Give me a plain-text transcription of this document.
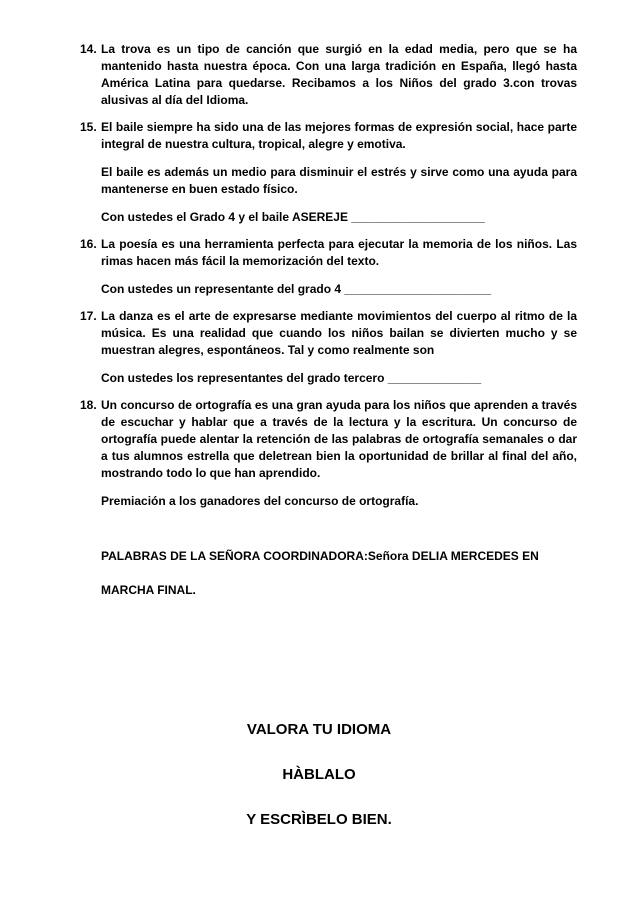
14. La trova es un tipo de canción que surgió en la edad media, pero que se ha mantenido hasta nuestra época. Con una larga tradición en España, llegó hasta América Latina para quedarse. Recibamos a los Niños del grado 3.con trovas alusivas al día del Idioma.

15. El baile siempre ha sido una de las mejores formas de expresión social, hace parte integral de nuestra cultura, tropical, alegre y emotiva.

El baile es además un medio para disminuir el estrés y sirve como una ayuda para mantenerse en buen estado físico.

Con ustedes el Grado 4 y el baile ASEREJE ____________________

16. La poesía es una herramienta perfecta para ejecutar la memoria de los niños. Las rimas hacen más fácil la memorización del texto.

Con ustedes un representante del grado 4 ______________________

17. La danza es el arte de expresarse mediante movimientos del cuerpo al ritmo de la música. Es una realidad que cuando los niños bailan se divierten mucho y se muestran alegres, espontáneos. Tal y como realmente son

Con ustedes los representantes del grado tercero ______________

18. Un concurso de ortografía es una gran ayuda para los niños que aprenden a través de escuchar y hablar que a través de la lectura y la escritura. Un concurso de ortografía puede alentar la retención de las palabras de ortografía semanales o dar a tus alumnos estrella que deletrean bien la oportunidad de brillar al final del año, mostrando todo lo que han aprendido.

Premiación a los ganadores del concurso de ortografía.

PALABRAS DE LA SEÑORA COORDINADORA:Señora DELIA MERCEDES EN

MARCHA FINAL.

VALORA TU IDIOMA

HÀBLALO

Y ESCRÌBELO BIEN.
